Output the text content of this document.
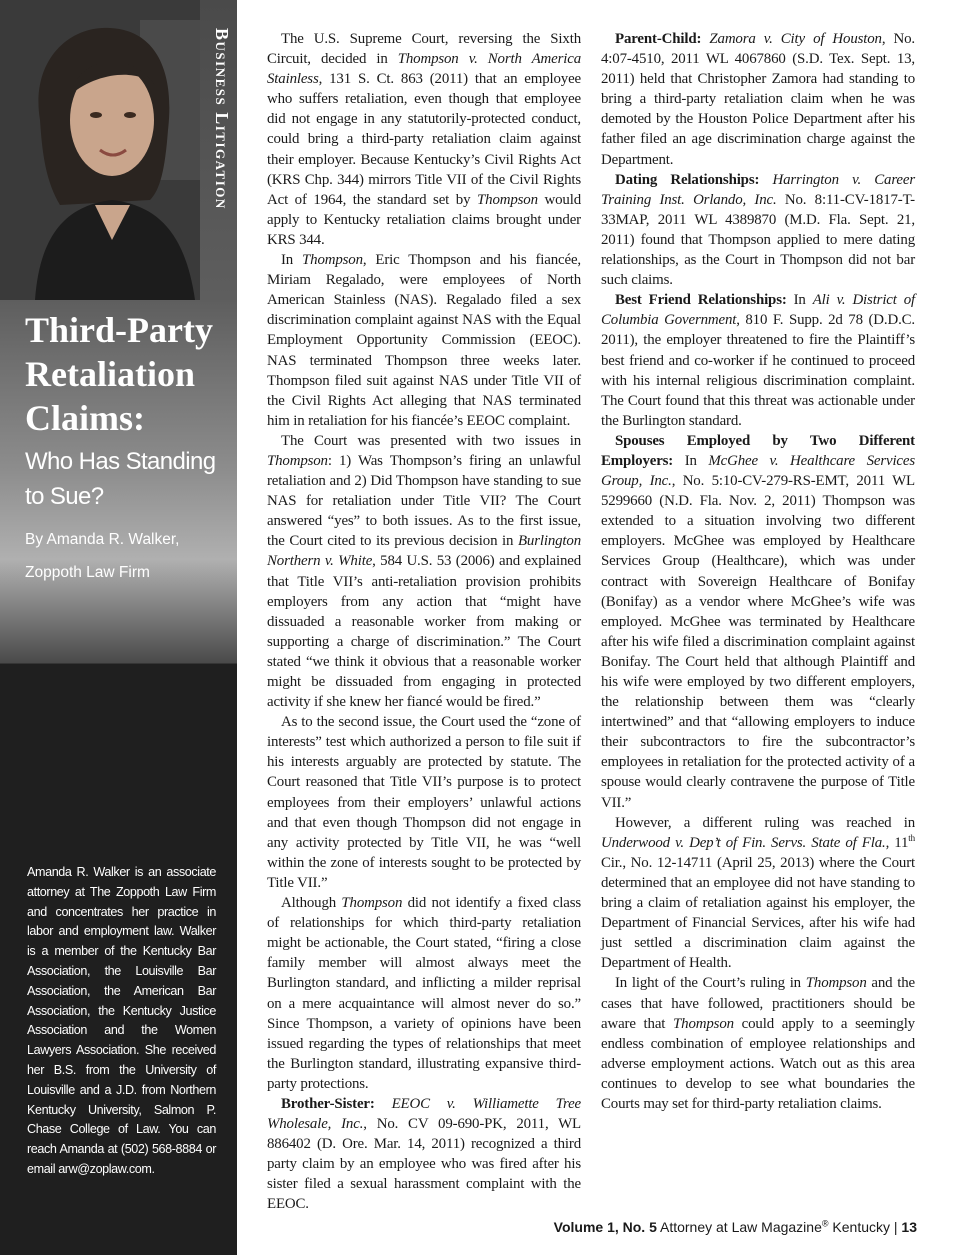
Business Litigation
Third-Party Retaliation Claims:
Who Has Standing to Sue?
By Amanda R. Walker,
Zoppoth Law Firm
Amanda R. Walker is an associate attorney at The Zoppoth Law Firm and concentrates her practice in labor and employment law. Walker is a member of the Kentucky Bar Association, the Louisville Bar Association, the American Bar Association, the Kentucky Justice Association and the Women Lawyers Association. She received her B.S. from the University of Louisville and a J.D. from Northern Kentucky University, Salmon P. Chase College of Law. You can reach Amanda at (502) 568-8884 or email arw@zoplaw.com.

The U.S. Supreme Court, reversing the Sixth Circuit, decided in Thompson v. North America Stainless, 131 S. Ct. 863 (2011) that an employee who suffers retaliation, even though that employee did not engage in any statutorily-protected conduct, could bring a third-party retaliation claim against their employer. Because Kentucky’s Civil Rights Act (KRS Chp. 344) mirrors Title VII of the Civil Rights Act of 1964, the standard set by Thompson would apply to Kentucky retaliation claims brought under KRS 344.

In Thompson, Eric Thompson and his fiancée, Miriam Regalado, were employees of North American Stainless (NAS). Regalado filed a sex discrimination complaint against NAS with the Equal Employment Opportunity Commission (EEOC). NAS terminated Thompson three weeks later. Thompson filed suit against NAS under Title VII of the Civil Rights Act alleging that NAS terminated him in retaliation for his fiancée’s EEOC complaint.

The Court was presented with two issues in Thompson: 1) Was Thompson’s firing an unlawful retaliation and 2) Did Thompson have standing to sue NAS for retaliation under Title VII? The Court answered “yes” to both issues. As to the first issue, the Court cited to its previous decision in Burlington Northern v. White, 584 U.S. 53 (2006) and explained that Title VII’s anti-retaliation provision prohibits employers from any action that “might have dissuaded a reasonable worker from making or supporting a charge of discrimination.” The Court stated “we think it obvious that a reasonable worker might be dissuaded from engaging in protected activity if she knew her fiancé would be fired.”

As to the second issue, the Court used the “zone of interests” test which authorized a person to file suit if his interests arguably are protected by statute. The Court reasoned that Title VII’s purpose is to protect employees from their employers’ unlawful actions and that even though Thompson did not engage in any activity protected by Title VII, he was “well within the zone of interests sought to be protected by Title VII.”

Although Thompson did not identify a fixed class of relationships for which third-party retaliation might be actionable, the Court stated, “firing a close family member will almost always meet the Burlington standard, and inflicting a milder reprisal on a mere acquaintance will almost never do so.” Since Thompson, a variety of opinions have been issued regarding the types of relationships that meet the Burlington standard, illustrating expansive third-party protections.

Brother-Sister: EEOC v. Williamette Tree Wholesale, Inc., No. CV 09-690-PK, 2011, WL 886402 (D. Ore. Mar. 14, 2011) recognized a third party claim by an employee who was fired after his sister filed a sexual harassment complaint with the EEOC.

Parent-Child: Zamora v. City of Houston, No. 4:07-4510, 2011 WL 4067860 (S.D. Tex. Sept. 13, 2011) held that Christopher Zamora had standing to bring a third-party retaliation claim when he was demoted by the Houston Police Department after his father filed an age discrimination charge against the Department.

Dating Relationships: Harrington v. Career Training Inst. Orlando, Inc. No. 8:11-CV-1817-T-33MAP, 2011 WL 4389870 (M.D. Fla. Sept. 21, 2011) found that Thompson applied to mere dating relationships, as the Court in Thompson did not bar such claims.

Best Friend Relationships: In Ali v. District of Columbia Government, 810 F. Supp. 2d 78 (D.D.C. 2011), the employer threatened to fire the Plaintiff’s best friend and co-worker if he continued to proceed with his internal religious discrimination complaint. The Court found that this threat was actionable under the Burlington standard.

Spouses Employed by Two Different Employers: In McGhee v. Healthcare Services Group, Inc., No. 5:10-CV-279-RS-EMT, 2011 WL 5299660 (N.D. Fla. Nov. 2, 2011) Thompson was extended to a situation involving two different employers. McGhee was employed by Healthcare Services Group (Healthcare), which was under contract with Sovereign Healthcare of Bonifay (Bonifay) as a vendor where McGhee’s wife was employed. McGhee was terminated by Healthcare after his wife filed a discrimination complaint against Bonifay. The Court held that although Plaintiff and his wife were employed by two different employers, the relationship between them was “clearly intertwined” and that “allowing employers to induce their subcontractors to fire the subcontractor’s employees in retaliation for the protected activity of a spouse would clearly contravene the purpose of Title VII.”

However, a different ruling was reached in Underwood v. Dep’t of Fin. Servs. State of Fla., 11th Cir., No. 12-14711 (April 25, 2013) where the Court determined that an employee did not have standing to bring a claim of retaliation against his employer, the Department of Financial Services, after his wife had just settled a discrimination claim against the Department of Health.

In light of the Court’s ruling in Thompson and the cases that have followed, practitioners should be aware that Thompson could apply to a seemingly endless combination of employee relationships and adverse employment actions. Watch out as this area continues to develop to see what boundaries the Courts may set for third-party retaliation claims.

Volume 1, No. 5 Attorney at Law Magazine® Kentucky | 13
